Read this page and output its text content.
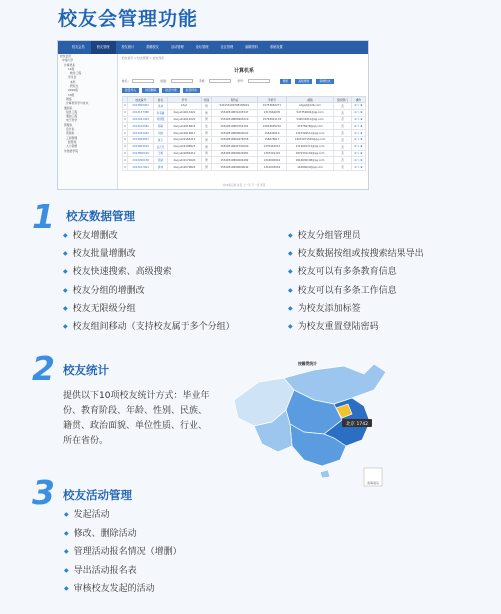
校友会管理功能
校友会员	校友管理	校友统计	捐赠校友	活动管理	论坛管理	社区管理	编辑资料	系统设置
校友会员
中南大学
计算机系
11级
软件工程
学生会
本科
研究生
2010级
13级
网络
计算机科学与技术
通信系
信息工程
通信工程
电子科学
管理系
会计系
营销系
工商管理
经管班
人力资源
外国语学院
校友首页 > 校友管理 > 校友列表
计算机系
姓名：	班级：	手机：	学号：	搜索	高级搜索	新增校友
批量导入	批量删除	批量分组	批量移动
	校友编号	姓名	学号	性别	身份证	手机号	邮箱	组织部门	操作
☐	2013800001	张林	bhy1	男	540153199708183621	15753662271	sdgqd@126.com	否	⚙ ✎ ✖
☐	2013137380	李荣鑫	daoyuhi2013421	男	15340519831005347	1317664076	547359092@qq.com	否	⚙ ✎ ✖
☐	2013021403	刘国强	daoyuhi2014022	男	15340519880903210	15763821133	546539311@qq.com	否	⚙ ✎ ✖
☐	2013102584	杨敏	daoyuhi2018874	女	15340519983754181	15603605210	47676978@qq.com	否	⚙ ✎ ✖
☐	2013261293	刘波	daoyuhi2019617	男	15340519980000222	156449210	1310326511@qq.com	否	⚙ ✎ ✖
☐	2013829027	黄玉	daoyuhi2166714	男	15340519990474056	156676617	14031671520@qq.com	否	⚙ ✎ ✖
☐	2013803015	孟凡光	daoyuhi2198927	男	15340519692791000	1370461047	1314601371@qq.com	否	⚙ ✎ ✖
☐	2013800010	王畅	daoyuhi2084412	男	15340519990020481	1307301101	1870331102@qq.com	否	⚙ ✎ ✖
☐	2013200136	张敏	daoyuhi2174624	男	15340519890002482	1316000019	1816630108@qq.com	否	⚙ ✎ ✖
☐	2013017001	黄林	daoyuhi2079824	男	15340519990000642	1310003019	16180020@qq.com	否	⚙ ✎ ✖
共10条记录 首页 上一页 下一页 尾页
1 校友数据管理
◆ 校友增删改
◆ 校友批量增删改
◆ 校友快速搜索、高级搜索
◆ 校友分组的增删改
◆ 校友无限级分组
◆ 校友组间移动（支持校友属于多个分组）
◆ 校友分组管理员
◆ 校友数据按组或按搜索结果导出
◆ 校友可以有多条教育信息
◆ 校友可以有多条工作信息
◆ 为校友添加标签
◆ 为校友重置登陆密码
2 校友统计
提供以下10项校友统计方式：毕业年份、教育阶段、年龄、性别、民族、籍贯、政治面貌、单位性质、行业、所在省份。
按籍贯统计
北京 1742
南海诸岛
3 校友活动管理
◆ 发起活动
◆ 修改、删除活动
◆ 管理活动报名情况（增删）
◆ 导出活动报名表
◆ 审核校友发起的活动
